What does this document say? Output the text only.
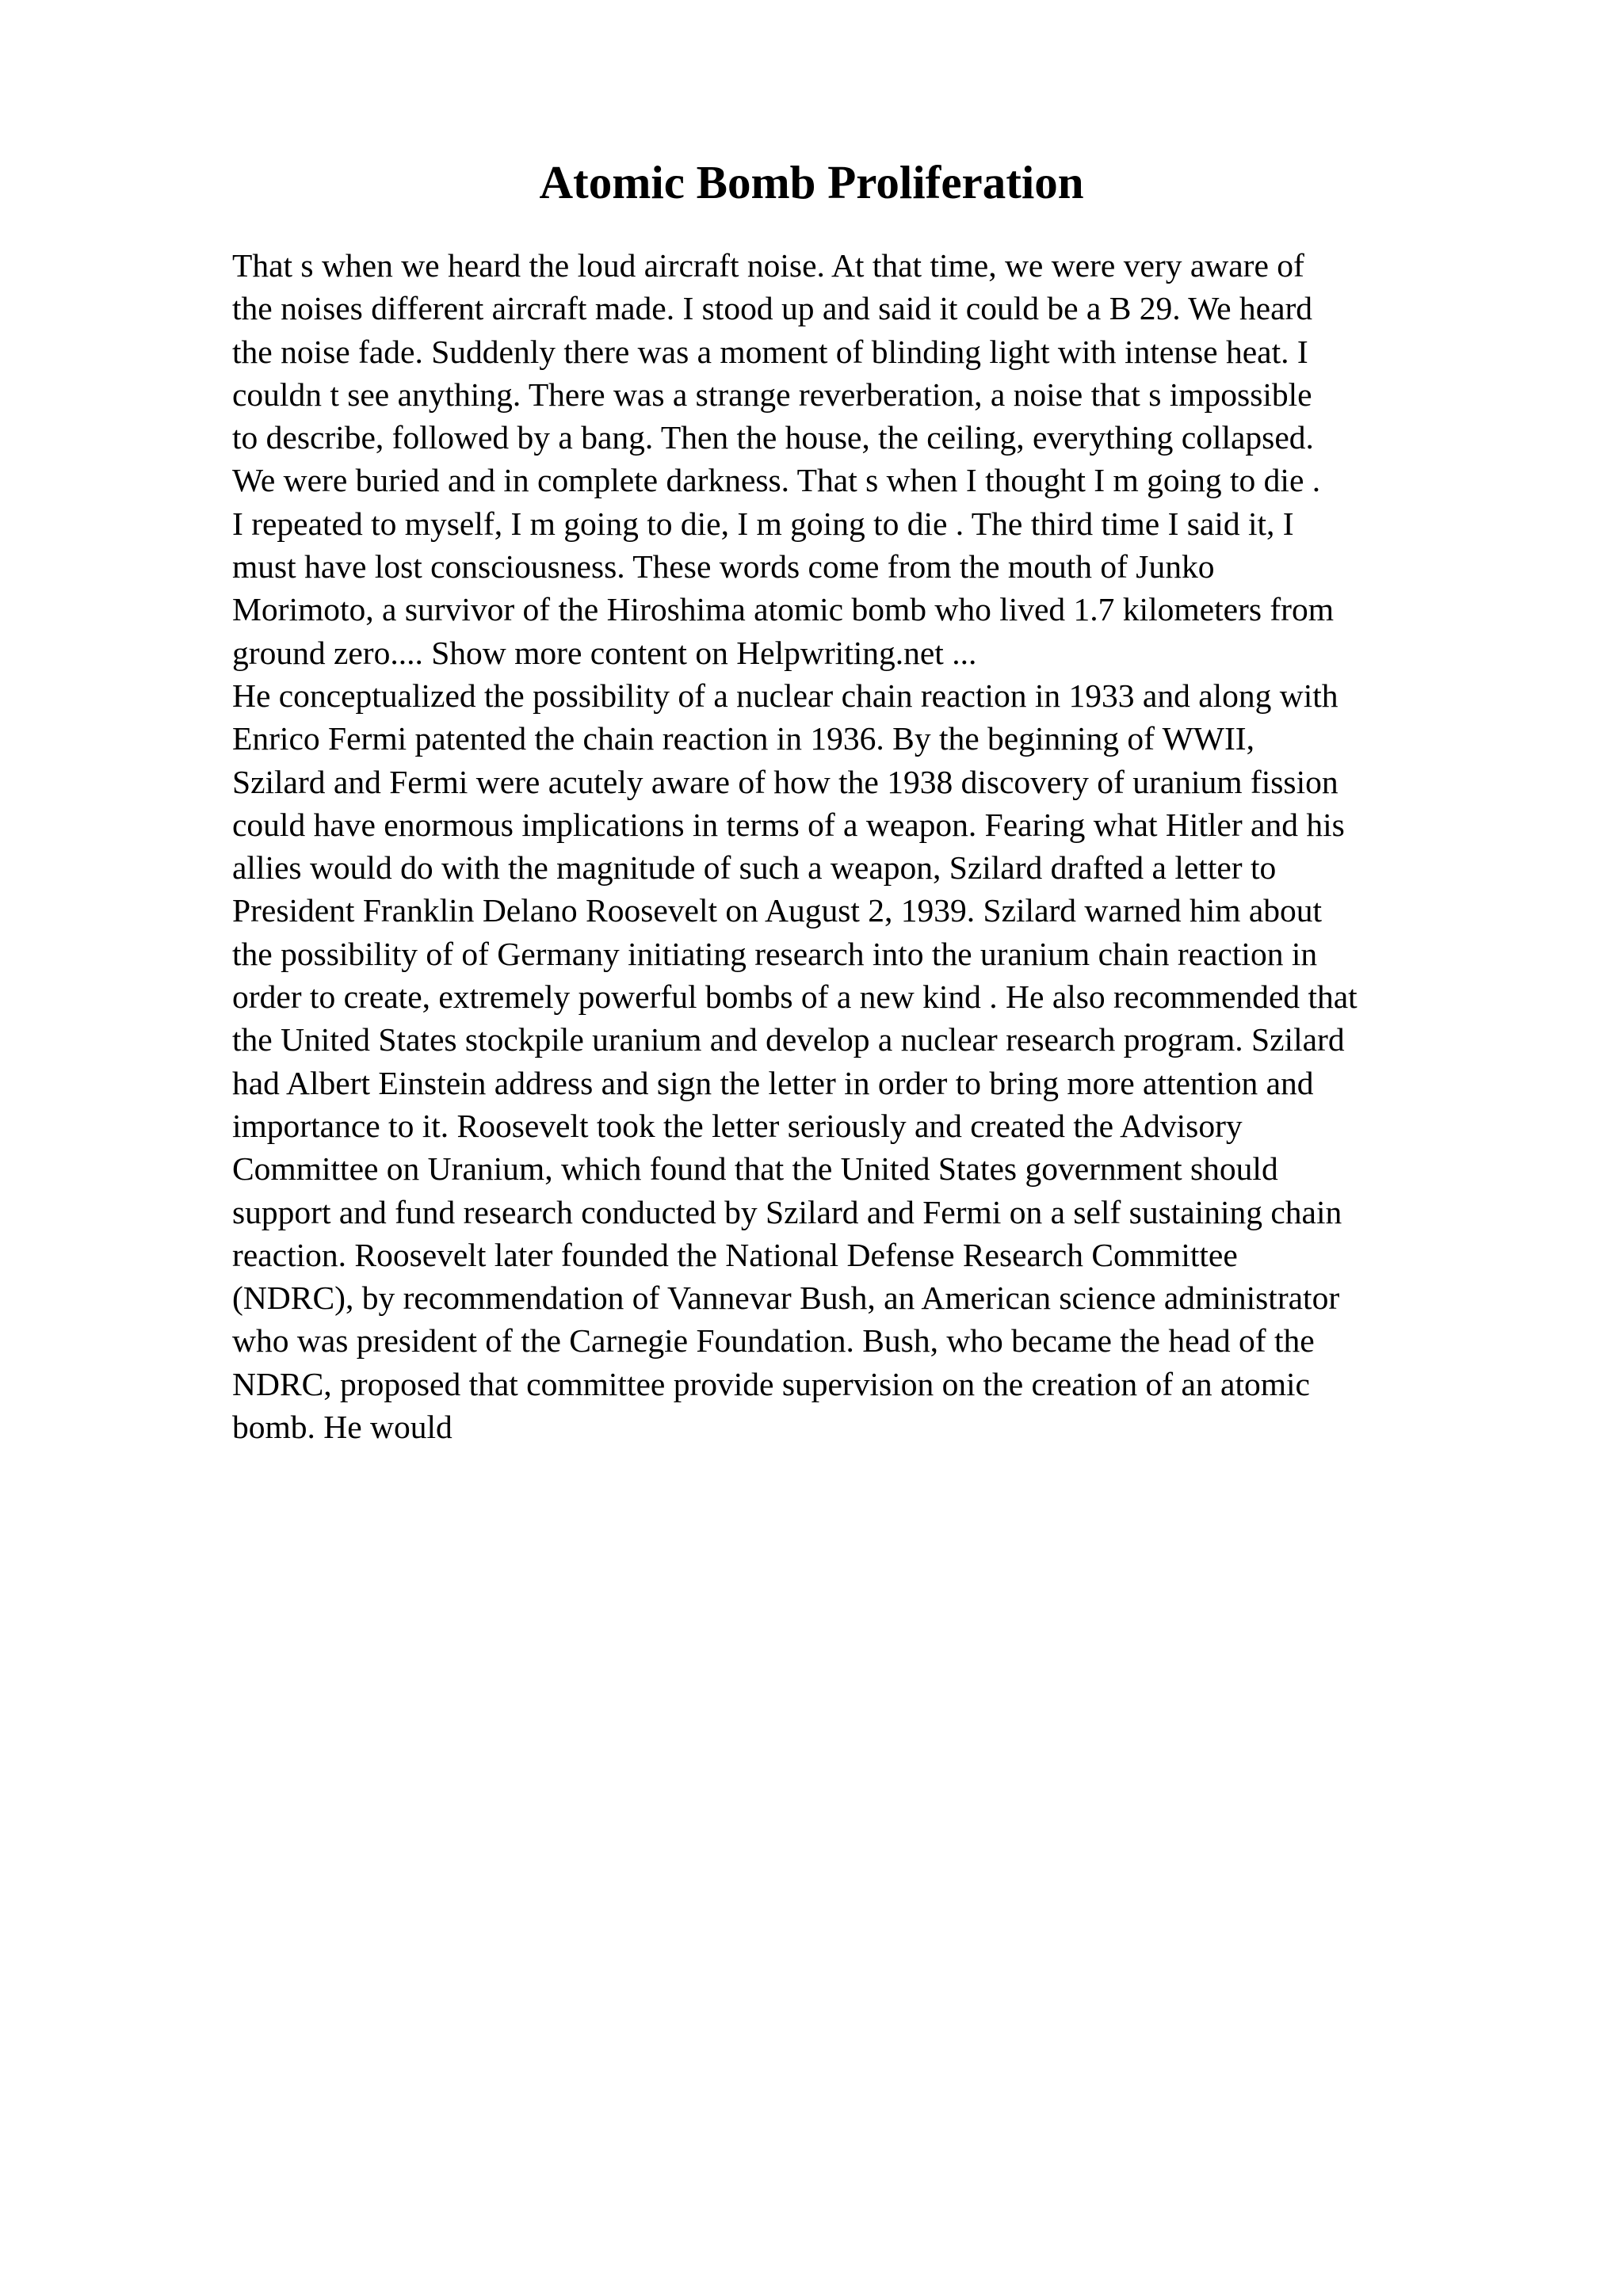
Atomic Bomb Proliferation
That s when we heard the loud aircraft noise. At that time, we were very aware of
the noises different aircraft made. I stood up and said it could be a B 29. We heard
the noise fade. Suddenly there was a moment of blinding light with intense heat. I
couldn t see anything. There was a strange reverberation, a noise that s impossible
to describe, followed by a bang. Then the house, the ceiling, everything collapsed.
We were buried and in complete darkness. That s when I thought I m going to die .
I repeated to myself, I m going to die, I m going to die . The third time I said it, I
must have lost consciousness. These words come from the mouth of Junko
Morimoto, a survivor of the Hiroshima atomic bomb who lived 1.7 kilometers from
ground zero.... Show more content on Helpwriting.net ...
He conceptualized the possibility of a nuclear chain reaction in 1933 and along with
Enrico Fermi patented the chain reaction in 1936. By the beginning of WWII,
Szilard and Fermi were acutely aware of how the 1938 discovery of uranium fission
could have enormous implications in terms of a weapon. Fearing what Hitler and his
allies would do with the magnitude of such a weapon, Szilard drafted a letter to
President Franklin Delano Roosevelt on August 2, 1939. Szilard warned him about
the possibility of of Germany initiating research into the uranium chain reaction in
order to create, extremely powerful bombs of a new kind . He also recommended that
the United States stockpile uranium and develop a nuclear research program. Szilard
had Albert Einstein address and sign the letter in order to bring more attention and
importance to it. Roosevelt took the letter seriously and created the Advisory
Committee on Uranium, which found that the United States government should
support and fund research conducted by Szilard and Fermi on a self sustaining chain
reaction. Roosevelt later founded the National Defense Research Committee
(NDRC), by recommendation of Vannevar Bush, an American science administrator
who was president of the Carnegie Foundation. Bush, who became the head of the
NDRC, proposed that committee provide supervision on the creation of an atomic
bomb. He would
